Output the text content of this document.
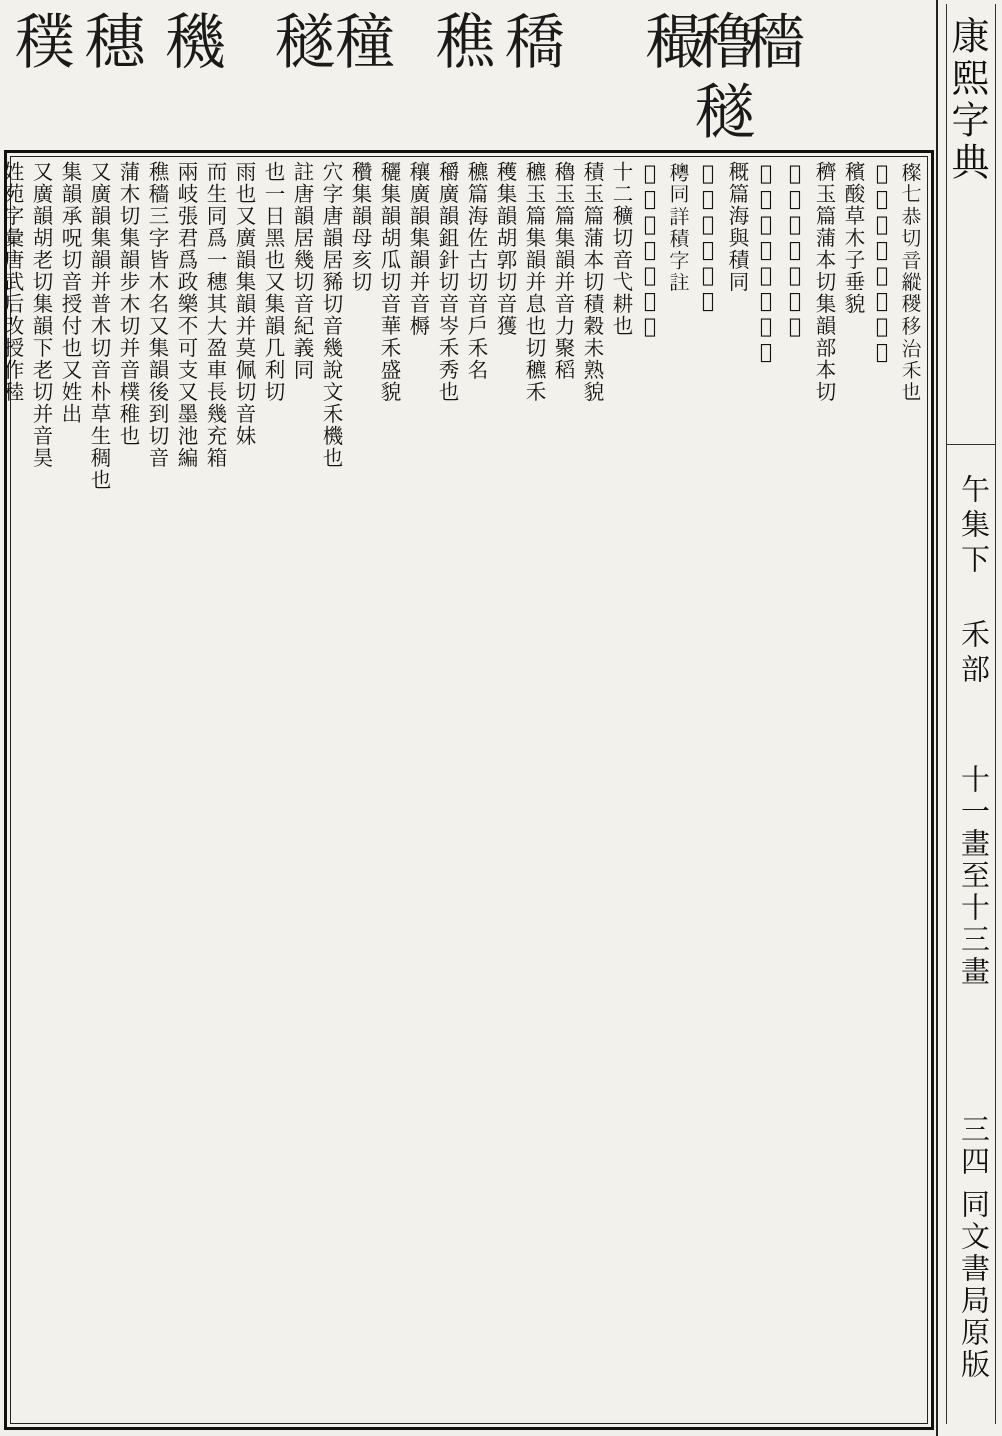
穙 穗 穖 穟
穜 穛 穚 穝
穞
穟
穡
𥢽七恭切音縱稯移治禾也
𥢿字彙補乃回切音
穦酸草木子垂貌
穧玉篇蒲本切集韻部本切
𥣀光切音黃野穀
𥣂集韻力求切音留
穊篇海與積同
𥣃字彙補古文
𥣄同詳積字註
𥣅字彙補古文穜
十二穬切音弋耕也
積玉篇蒲本切積穀未熟貌
穭玉篇集韻并音力聚稻
穮玉篇集韻并息也切穮禾
穫集韻胡郭切音獲
穮篇海佐古切音戶禾名
穱廣韻鉏針切音岑禾秀也
穰廣韻集韻并音槈
穲集韻胡瓜切音華禾盛貌
穳集韻母亥切
穴字唐韻居豨切音幾說文禾機也
註唐韻居幾切音紀義同
也一日黑也又集韻几利切
雨也又廣韻集韻并莫佩切音妹
而生同爲一穗其大盈車長幾充箱
兩岐張君爲政樂不可支又墨池編
穛穡三字皆木名又集韻後到切音
蒲木切集韻步木切并音樸稚也
又廣韻集韻并普木切音朴草生稠也
集韻承呪切音授付也又姓出
又廣韻胡老切集韻下老切并音昊
姓苑字彙唐武后改授作稑
康熙字典
午集下 禾部
十一畫至十三畫
三四
同文書局原版
